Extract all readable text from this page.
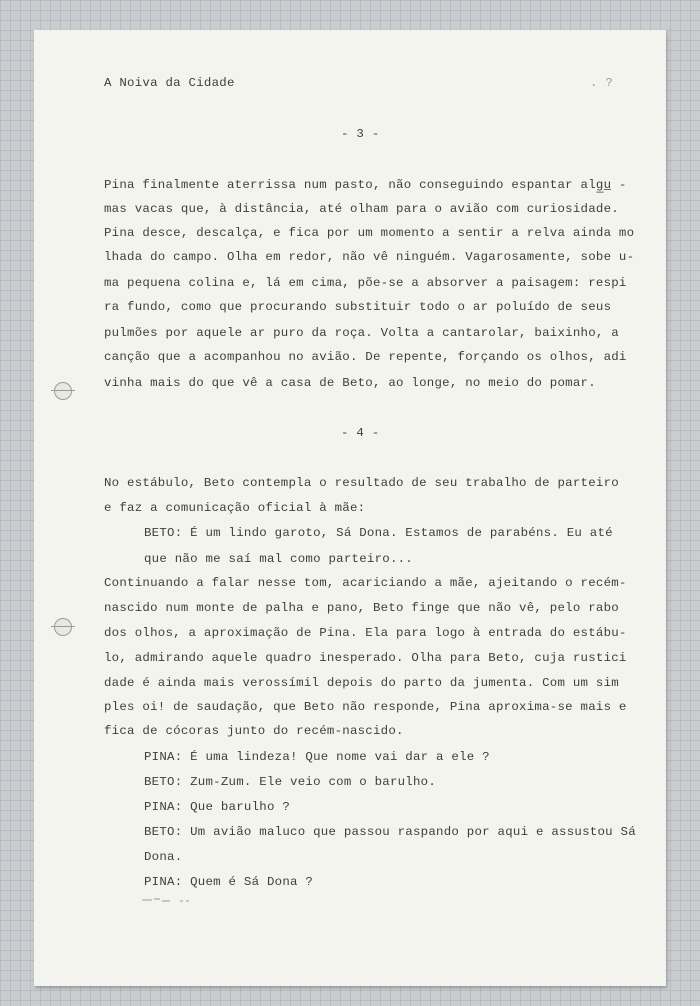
A Noiva da Cidade	. ?
- 3 -
Pina finalmente aterrissa num pasto, não conseguindo espantar alg̲u̲ -
mas vacas que, à distância, até olham para o avião com curiosidade.
Pina desce, descalça, e fica por um momento a sentir a relva ainda mo
lhada do campo. Olha em redor, não vê ninguém. Vagarosamente, sobe u-
ma pequena colina e, lá em cima, põe-se a absorver a paisagem: respi
ra fundo, como que procurando substituir todo o ar poluído de seus
pulmões por aquele ar puro da roça. Volta a cantarolar, baixinho, a
canção que a acompanhou no avião. De repente, forçando os olhos, adi
vinha mais do que vê a casa de Beto, ao longe, no meio do pomar.
- 4 -
No estábulo, Beto contempla o resultado de seu trabalho de parteiro
e faz a comunicação oficial à mãe:
BETO: É um lindo garoto, Sá Dona. Estamos de parabéns. Eu até
que não me saí mal como parteiro...
Continuando a falar nesse tom, acariciando a mãe, ajeitando o recém-
nascido num monte de palha e pano, Beto finge que não vê, pelo rabo
dos olhos, a aproximação de Pina. Ela para logo à entrada do estábu-
lo, admirando aquele quadro inesperado. Olha para Beto, cuja rustici
dade é ainda mais verossímil depois do parto da jumenta. Com um sim
ples oi! de saudação, que Beto não responde, Pina aproxima-se mais e
fica de cócoras junto do recém-nascido.
PINA: É uma lindeza! Que nome vai dar a ele ?
BETO: Zum-Zum. Ele veio com o barulho.
PINA: Que barulho ?
BETO: Um avião maluco que passou raspando por aqui e assustou Sá
Dona.
PINA: Quem é Sá Dona ?
